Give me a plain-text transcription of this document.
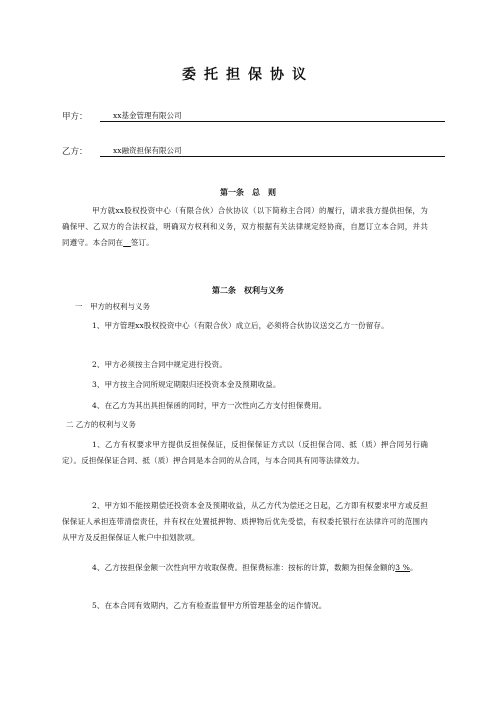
委托担保协议
甲方：	xx基金管理有限公司
乙方：	xx融资担保有限公司
第一条　总　则
甲方就xx股权投资中心（有限合伙）合伙协议（以下简称主合同）的履行，请求我方提供担保，为确保甲、乙双方的合法权益，明确双方权利和义务，双方根据有关法律规定经协商，自愿订立本合同，并共同遵守。本合同在　 签订。
第二条　权利与义务
一　甲方的权利与义务
1、甲方管理xx股权投资中心（有限合伙）成立后，必须将合伙协议送交乙方一份留存。
2、甲方必须按主合同中规定进行投资。
3、甲方按主合同所规定期限归还投资本金及预期收益。
4、在乙方为其出具担保函的同时，甲方一次性向乙方支付担保费用。
二 乙方的权利与义务
1、乙方有权要求甲方提供反担保保证，反担保保证方式以（反担保合同、抵（质）押合同另行确定）。反担保保证合同、抵（质）押合同是本合同的从合同，与本合同具有同等法律效力。
2、甲方如不能按期偿还投资本金及预期收益，从乙方代为偿还之日起，乙方即有权要求甲方或反担保保证人承担连带清偿责任，并有权在处置抵押物、质押物后优先受偿，有权委托银行在法律许可的范围内从甲方及反担保保证人帐户中扣划款项。
4、乙方按担保金额一次性向甲方收取保费。担保费标准：按标的计算，数额为担保金额的3 %。
5、在本合同有效期内，乙方有检查监督甲方所管理基金的运作情况。
